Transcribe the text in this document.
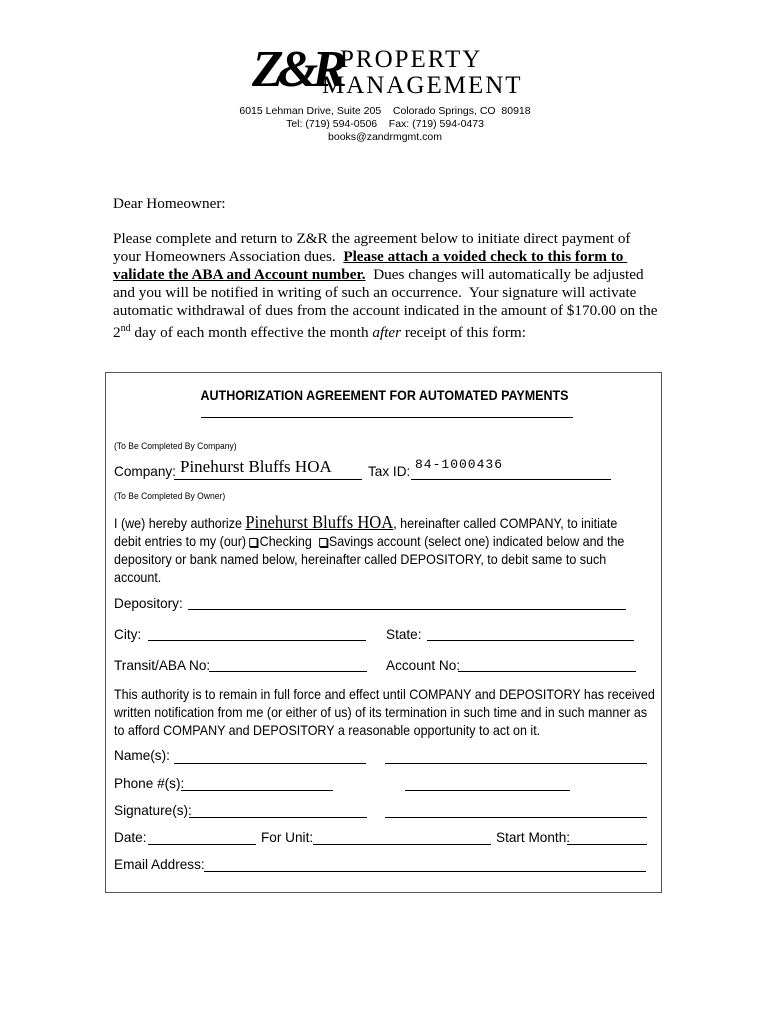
Z&R PROPERTY
MANAGEMENT
6015 Lehman Drive, Suite 205    Colorado Springs, CO  80918
Tel: (719) 594-0506    Fax: (719) 594-0473
books@zandrmgmt.com

Dear Homeowner:

Please complete and return to Z&R the agreement below to initiate direct payment of your Homeowners Association dues.  Please attach a voided check to this form to validate the ABA and Account number.  Dues changes will automatically be adjusted and you will be notified in writing of such an occurrence.  Your signature will activate automatic withdrawal of dues from the account indicated in the amount of $170.00 on the 2nd day of each month effective the month after receipt of this form:

AUTHORIZATION AGREEMENT FOR AUTOMATED PAYMENTS
(To Be Completed By Company)
Company: Pinehurst Bluffs HOA	Tax ID: 84-1000436
(To Be Completed By Owner)
I (we) hereby authorize Pinehurst Bluffs HOA, hereinafter called COMPANY, to initiate
debit entries to my (our) Checking Savings account (select one) indicated below and the
depository or bank named below, hereinafter called DEPOSITORY, to debit same to such
account.
Depository:
City:	State:
Transit/ABA No:	Account No:
This authority is to remain in full force and effect until COMPANY and DEPOSITORY has received written notification from me (or either of us) of its termination in such time and in such manner as to afford COMPANY and DEPOSITORY a reasonable opportunity to act on it.
Name(s):
Phone #(s):
Signature(s):
Date:	For Unit:	Start Month:
Email Address:
